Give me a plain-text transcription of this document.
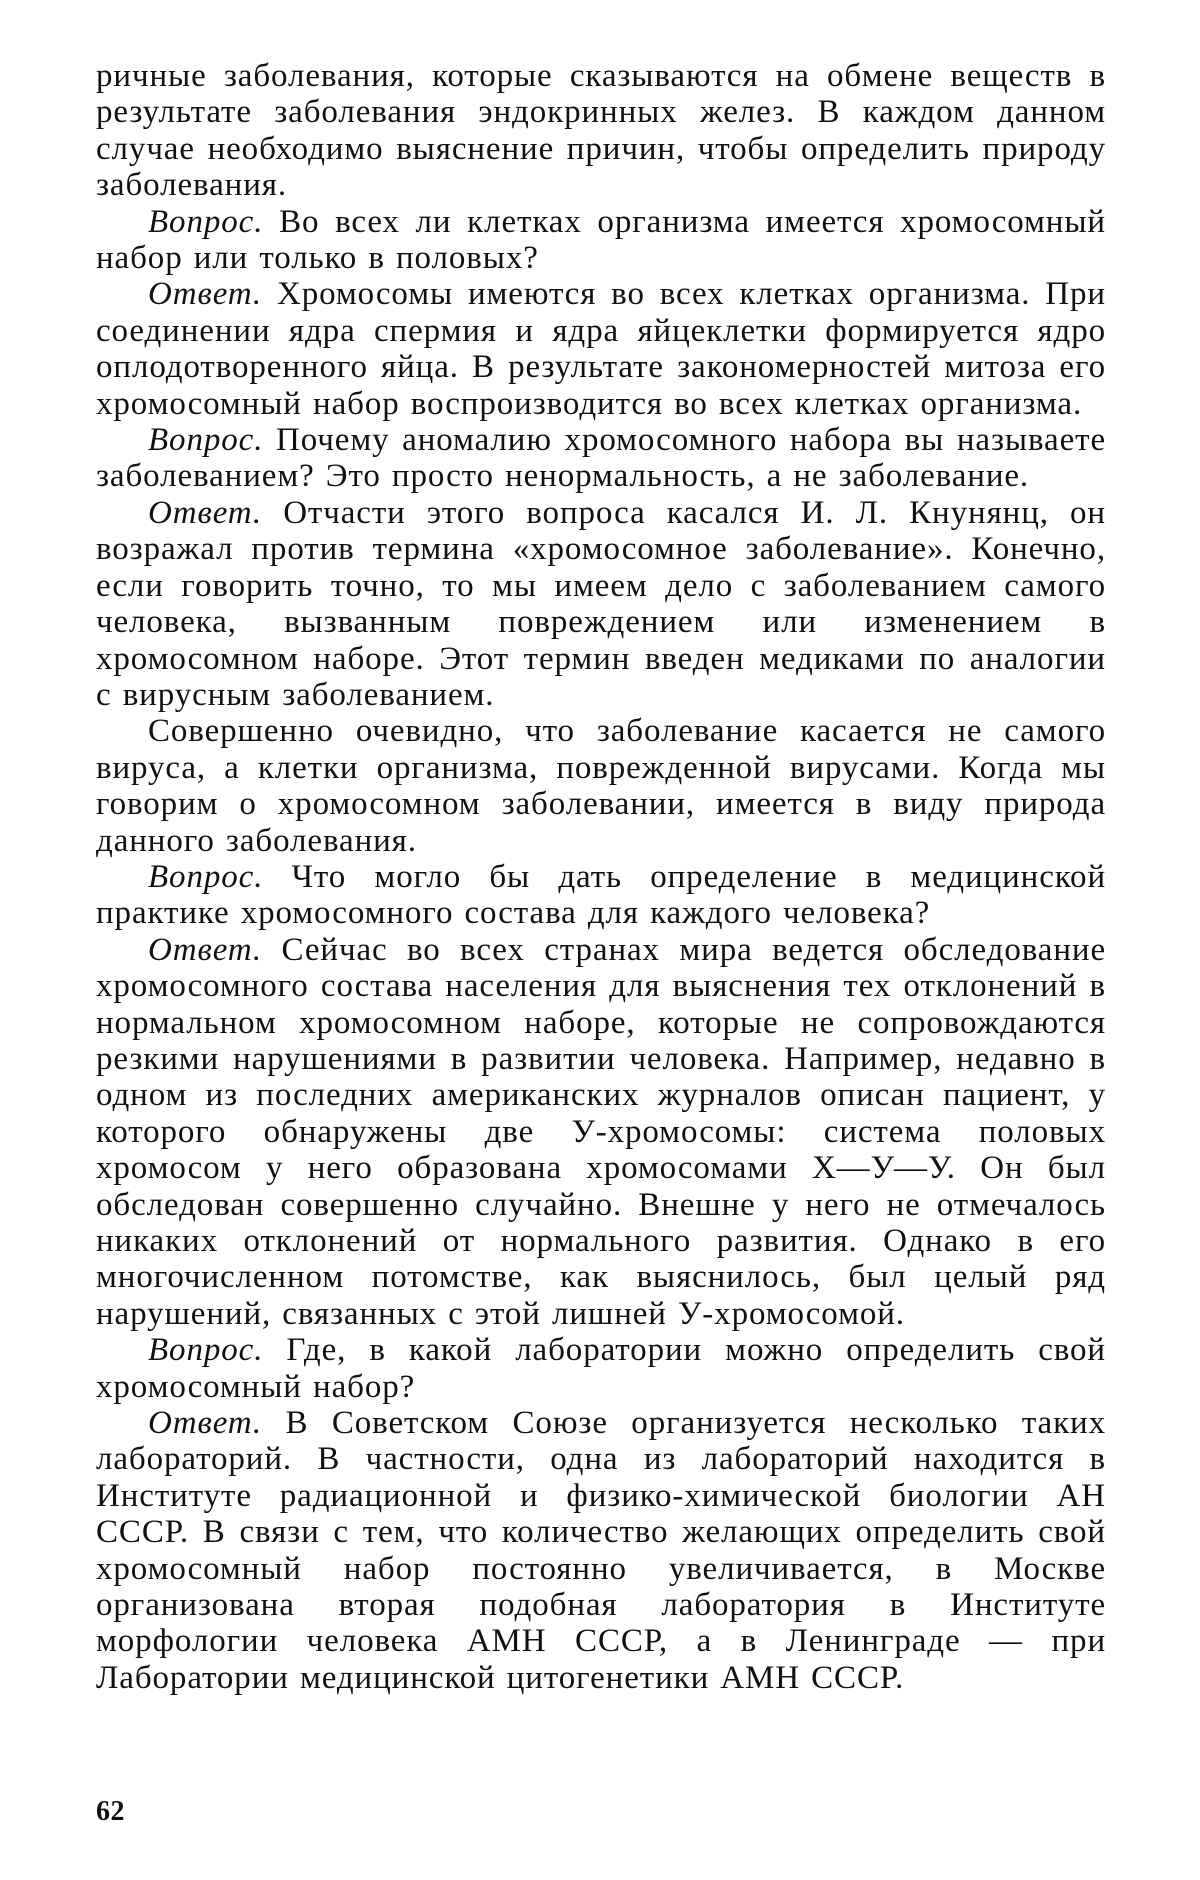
ричные заболевания, которые сказываются на обмене веществ в результате заболевания эндокринных желез. В каждом данном случае необходимо выяснение причин, чтобы определить природу заболевания.

Вопрос. Во всех ли клетках организма имеется хромосомный набор или только в половых?

Ответ. Хромосомы имеются во всех клетках организма. При соединении ядра спермия и ядра яйцеклетки формируется ядро оплодотворенного яйца. В результате закономерностей митоза его хромосомный набор воспроизводится во всех клетках организма.

Вопрос. Почему аномалию хромосомного набора вы называете заболеванием? Это просто ненормальность, а не заболевание.

Ответ. Отчасти этого вопроса касался И. Л. Кнунянц, он возражал против термина «хромосомное заболевание». Конечно, если говорить точно, то мы имеем дело с заболеванием самого человека, вызванным повреждением или изменением в хромосомном наборе. Этот термин введен медиками по аналогии с вирусным заболеванием.

Совершенно очевидно, что заболевание касается не самого вируса, а клетки организма, поврежденной вирусами. Когда мы говорим о хромосомном заболевании, имеется в виду природа данного заболевания.

Вопрос. Что могло бы дать определение в медицинской практике хромосомного состава для каждого человека?

Ответ. Сейчас во всех странах мира ведется обследование хромосомного состава населения для выяснения тех отклонений в нормальном хромосомном наборе, которые не сопровождаются резкими нарушениями в развитии человека. Например, недавно в одном из последних американских журналов описан пациент, у которого обнаружены две У-хромосомы: система половых хромосом у него образована хромосомами Х—У—У. Он был обследован совершенно случайно. Внешне у него не отмечалось никаких отклонений от нормального развития. Однако в его многочисленном потомстве, как выяснилось, был целый ряд нарушений, связанных с этой лишней У-хромосомой.

Вопрос. Где, в какой лаборатории можно определить свой хромосомный набор?

Ответ. В Советском Союзе организуется несколько таких лабораторий. В частности, одна из лабораторий находится в Институте радиационной и физико-химической биологии АН СССР. В связи с тем, что количество желающих определить свой хромосомный набор постоянно увеличивается, в Москве организована вторая подобная лаборатория в Институте морфологии человека АМН СССР, а в Ленинграде — при Лаборатории медицинской цитогенетики АМН СССР.

62
